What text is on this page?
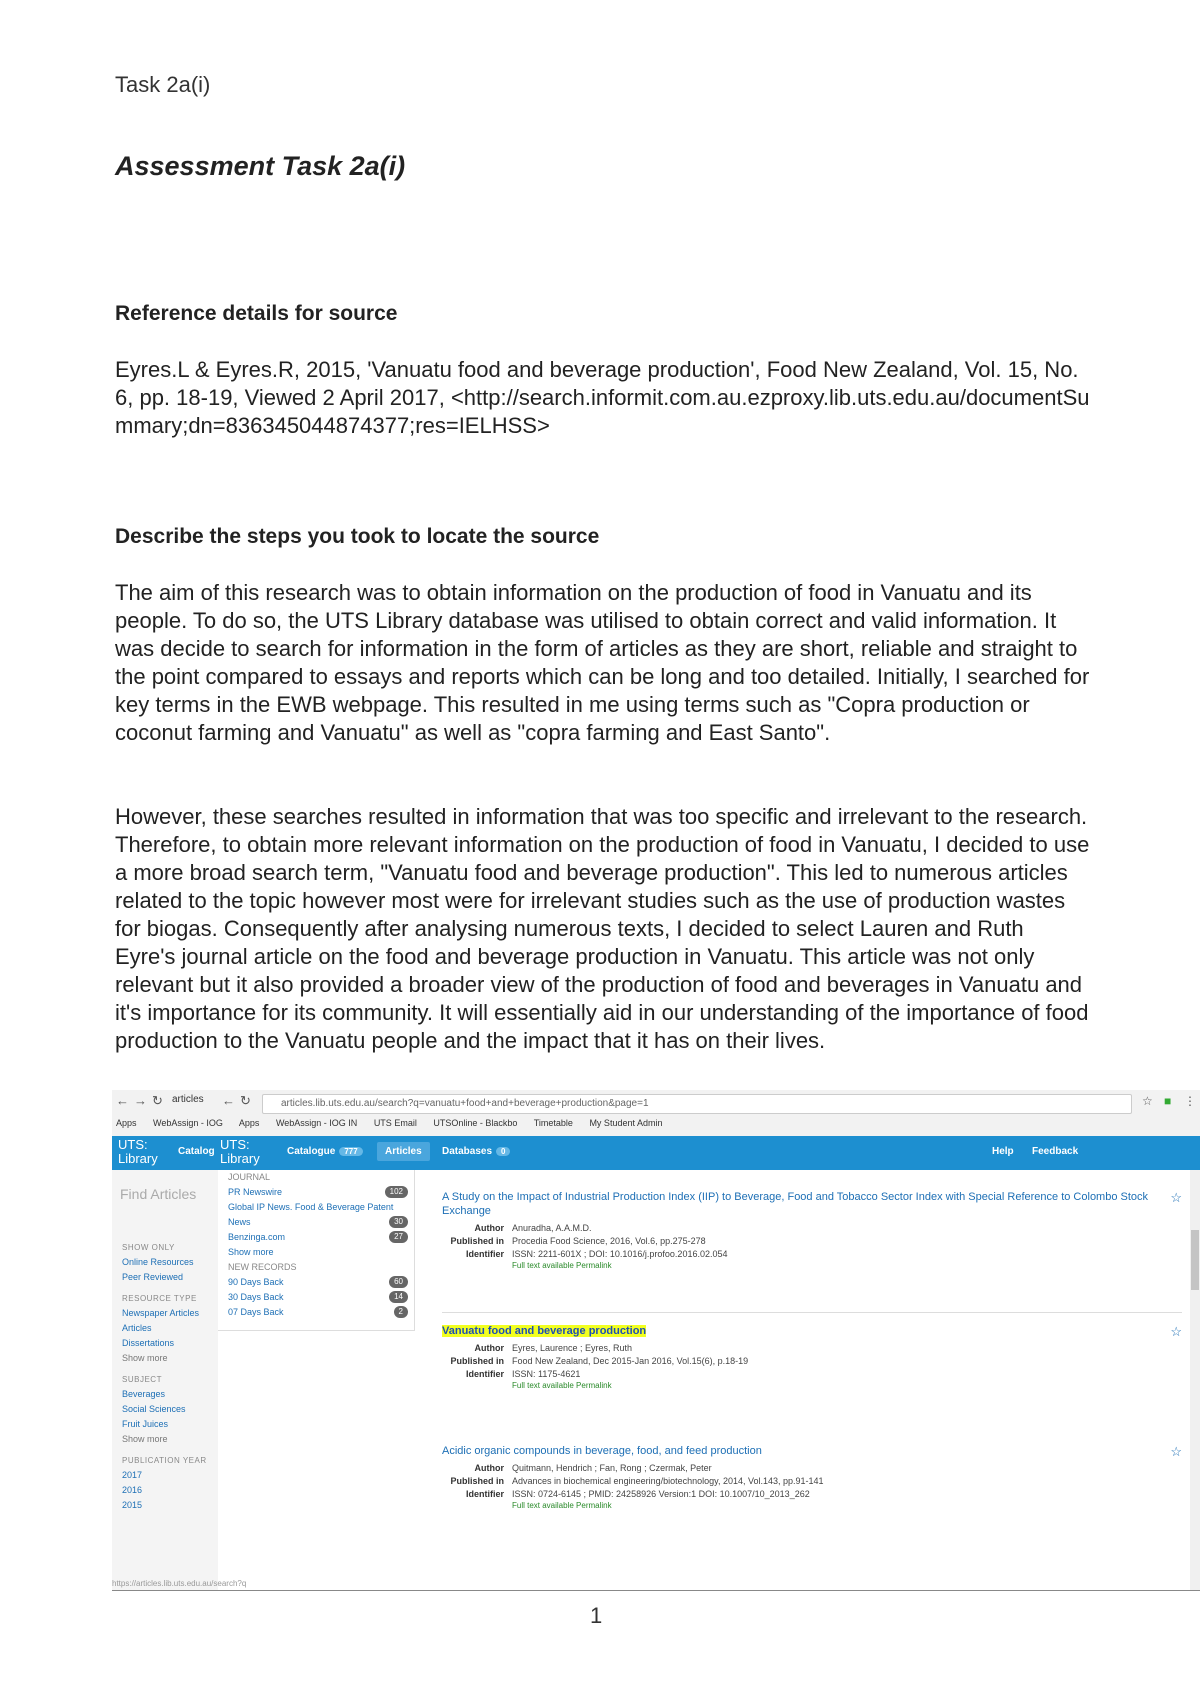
Task 2a(i)
Assessment Task 2a(i)
Reference details for source

Eyres.L & Eyres.R, 2015, 'Vanuatu food and beverage production', Food New Zealand, Vol. 15, No.6, pp. 18-19, Viewed 2 April 2017, <http://search.informit.com.au.ezproxy.lib.uts.edu.au/documentSummary;dn=836345044874377;res=IELHSS>

Describe the steps you took to locate the source

The aim of this research was to obtain information on the production of food in Vanuatu and its people. To do so, the UTS Library database was utilised to obtain correct and valid information. It was decide to search for information in the form of articles as they are short, reliable and straight to the point compared to essays and reports which can be long and too detailed. Initially, I searched for key terms in the EWB webpage. This resulted in me using terms such as "Copra production or coconut farming and Vanuatu" as well as "copra farming and East Santo".

However, these searches resulted in information that was too specific and irrelevant to the research. Therefore, to obtain more relevant information on the production of food in Vanuatu, I decided to use a more broad search term, "Vanuatu food and beverage production". This led to numerous articles related to the topic however most were for irrelevant studies such as the use of production wastes for biogas. Consequently after analysing numerous texts, I decided to select Lauren and Ruth Eyre's journal article on the food and beverage production in Vanuatu. This article was not only relevant but it also provided a broader view of the production of food and beverages in Vanuatu and it's importance for its community. It will essentially aid in our understanding of the importance of food production to the Vanuatu people and the impact that it has on their lives.

← → ↻ articles ← ↻	articles.lib.uts.edu.au/search?q=vanuatu+food+and+beverage+production&page=1	☆ ■ ⋮
Apps WebAssign - IOG Apps WebAssign - IOG IN UTS Email UTSOnline - Blackbo Timetable My Student Admin
UTS:
Library Catalog UTS:
Library	Catalogue 777	Articles	Databases 0	Help Feedback
Find Articles
SHOW ONLY
Online Resources
Peer Reviewed
RESOURCE TYPE
Newspaper Articles
Articles
Dissertations
Show more
SUBJECT
Beverages
Social Sciences
Fruit Juices
Show more
PUBLICATION YEAR
2017
2016
2015
JOURNAL
PR Newswire	102
Global IP News. Food & Beverage Patent
News	30
Benzinga.com	27
Show more
NEW RECORDS
90 Days Back	60
30 Days Back	14
07 Days Back	2
A Study on the Impact of Industrial Production Index (IIP) to Beverage, Food and Tobacco Sector Index with Special Reference to Colombo Stock Exchange
Author Anuradha, A.A.M.D.
Published in Procedia Food Science, 2016, Vol.6, pp.275-278
Identifier ISSN: 2211-601X ; DOI: 10.1016/j.profoo.2016.02.054
Full text available Permalink
☆
Vanuatu food and beverage production
Author Eyres, Laurence ; Eyres, Ruth
Published in Food New Zealand, Dec 2015-Jan 2016, Vol.15(6), p.18-19
Identifier ISSN: 1175-4621
Full text available Permalink
☆
Acidic organic compounds in beverage, food, and feed production
Author Quitmann, Hendrich ; Fan, Rong ; Czermak, Peter
Published in Advances in biochemical engineering/biotechnology, 2014, Vol.143, pp.91-141
Identifier ISSN: 0724-6145 ; PMID: 24258926 Version:1 DOI: 10.1007/10_2013_262
Full text available Permalink
☆
https://articles.lib.uts.edu.au/search?q
1
